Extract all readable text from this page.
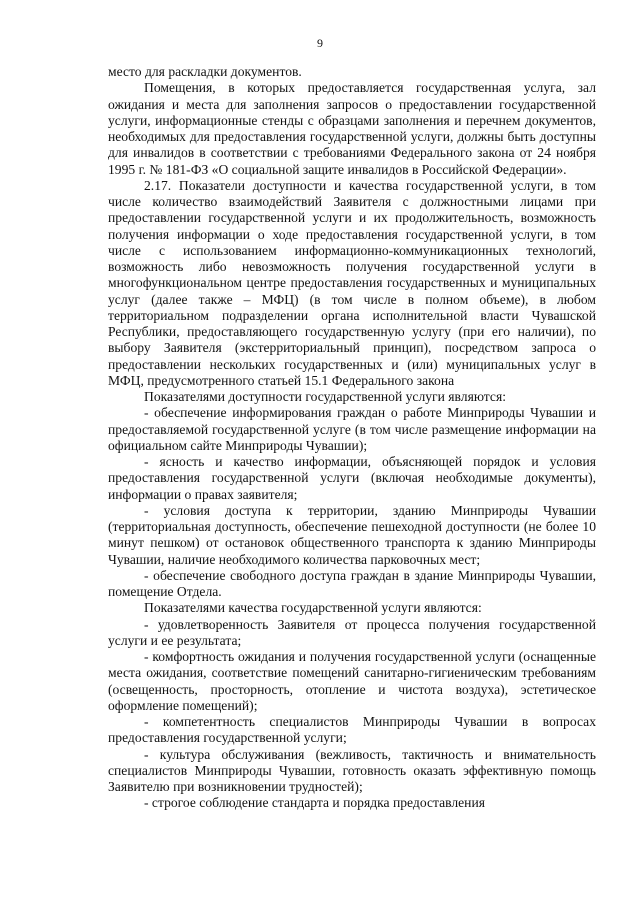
9

место для раскладки документов.

Помещения, в которых предоставляется государственная услуга, зал ожидания и места для заполнения запросов о предоставлении государственной услуги, информационные стенды с образцами заполнения и перечнем документов, необходимых для предоставления государственной услуги, должны быть доступны для инвалидов в соответствии с требованиями Федерального закона от 24 ноября 1995 г. № 181-ФЗ «О социальной защите инвалидов в Российской Федерации».

2.17. Показатели доступности и качества государственной услуги, в том числе количество взаимодействий Заявителя с должностными лицами при предоставлении государственной услуги и их продолжительность, возможность получения информации о ходе предоставления государственной услуги, в том числе с использованием информационно-коммуникационных технологий, возможность либо невозможность получения государственной услуги в многофункциональном центре предоставления государственных и муниципальных услуг (далее также – МФЦ) (в том числе в полном объеме), в любом территориальном подразделении органа исполнительной власти Чувашской Республики, предоставляющего государственную услугу (при его наличии), по выбору Заявителя (экстерриториальный принцип), посредством запроса о предоставлении нескольких государственных и (или) муниципальных услуг в МФЦ, предусмотренного статьей 15.1 Федерального закона

Показателями доступности государственной услуги являются:

- обеспечение информирования граждан о работе Минприроды Чувашии и предоставляемой государственной услуге (в том числе размещение информации на официальном сайте Минприроды Чувашии);

- ясность и качество информации, объясняющей порядок и условия предоставления государственной услуги (включая необходимые документы), информации о правах заявителя;

- условия доступа к территории, зданию Минприроды Чувашии (территориальная доступность, обеспечение пешеходной доступности (не более 10 минут пешком) от остановок общественного транспорта к зданию Минприроды Чувашии, наличие необходимого количества парковочных мест;

- обеспечение свободного доступа граждан в здание Минприроды Чувашии, помещение Отдела.

Показателями качества государственной услуги являются:

- удовлетворенность Заявителя от процесса получения государственной услуги и ее результата;

- комфортность ожидания и получения государственной услуги (оснащенные места ожидания, соответствие помещений санитарно-гигиеническим требованиям (освещенность, просторность, отопление и чистота воздуха), эстетическое оформление помещений);

- компетентность специалистов Минприроды Чувашии в вопросах предоставления государственной услуги;

- культура обслуживания (вежливость, тактичность и внимательность специалистов Минприроды Чувашии, готовность оказать эффективную помощь Заявителю при возникновении трудностей);

- строгое соблюдение стандарта и порядка предоставления
